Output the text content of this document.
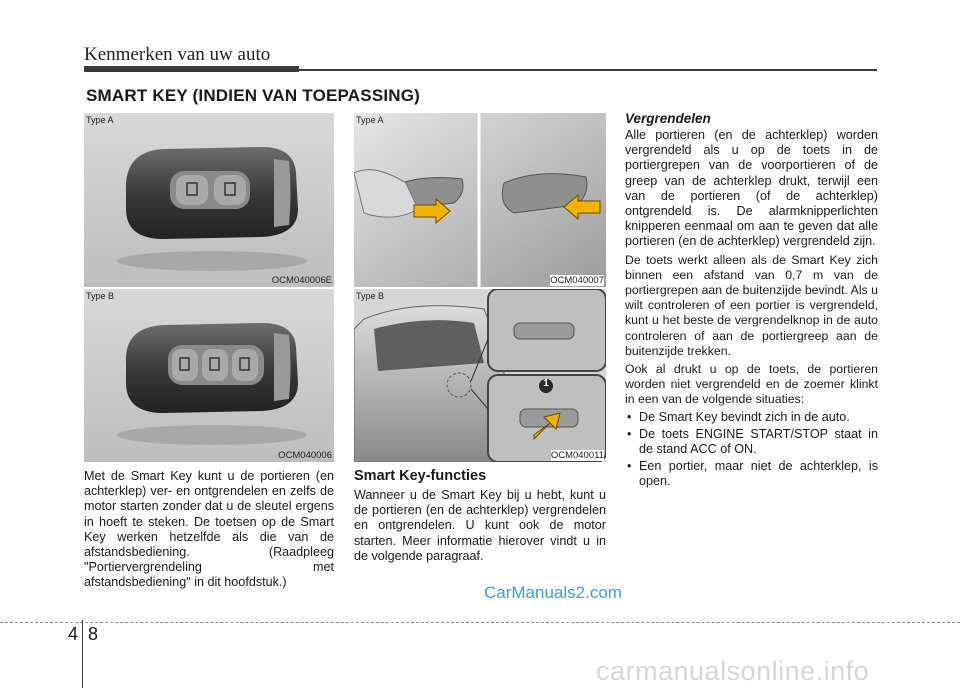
Kenmerken van uw auto
SMART KEY (INDIEN VAN TOEPASSING)
Type A
OCM040006E
Type B
OCM040006
Type A
OCM040007
1
Type B
OCM040011

Met de Smart Key kunt u de portieren (en achterklep) ver- en ontgrendelen en zelfs de motor starten zonder dat u de sleutel ergens in hoeft te steken. De toetsen op de Smart Key werken hetzelfde als die van de afstandsbediening. (Raadpleeg "Portiervergrendeling met afstandsbediening" in dit hoofdstuk.)

Smart Key-functies

Wanneer u de Smart Key bij u hebt, kunt u de portieren (en de achterklep) vergrendelen en ontgrendelen. U kunt ook de motor starten. Meer informatie hierover vindt u in de volgende paragraaf.

Vergrendelen

Alle portieren (en de achterklep) worden vergrendeld als u op de toets in de portiergrepen van de voorportieren of de greep van de achterklep drukt, terwijl een van de portieren (of de achterklep) ontgrendeld is. De alarmknipperlichten knipperen eenmaal om aan te geven dat alle portieren (en de achterklep) vergrendeld zijn.

De toets werkt alleen als de Smart Key zich binnen een afstand van 0,7 m van de portiergrepen aan de buitenzijde bevindt. Als u wilt controleren of een portier is vergrendeld, kunt u het beste de vergrendelknop in de auto controleren of aan de portiergreep aan de buitenzijde trekken.

Ook al drukt u op de toets, de portieren worden niet vergrendeld en de zoemer klinkt in een van de volgende situaties:

• De Smart Key bevindt zich in de auto.
• De toets ENGINE START/STOP staat in de stand ACC of ON.
• Een portier, maar niet de achterklep, is open.
CarManuals2.com
4 8
carmanualsonline.info
